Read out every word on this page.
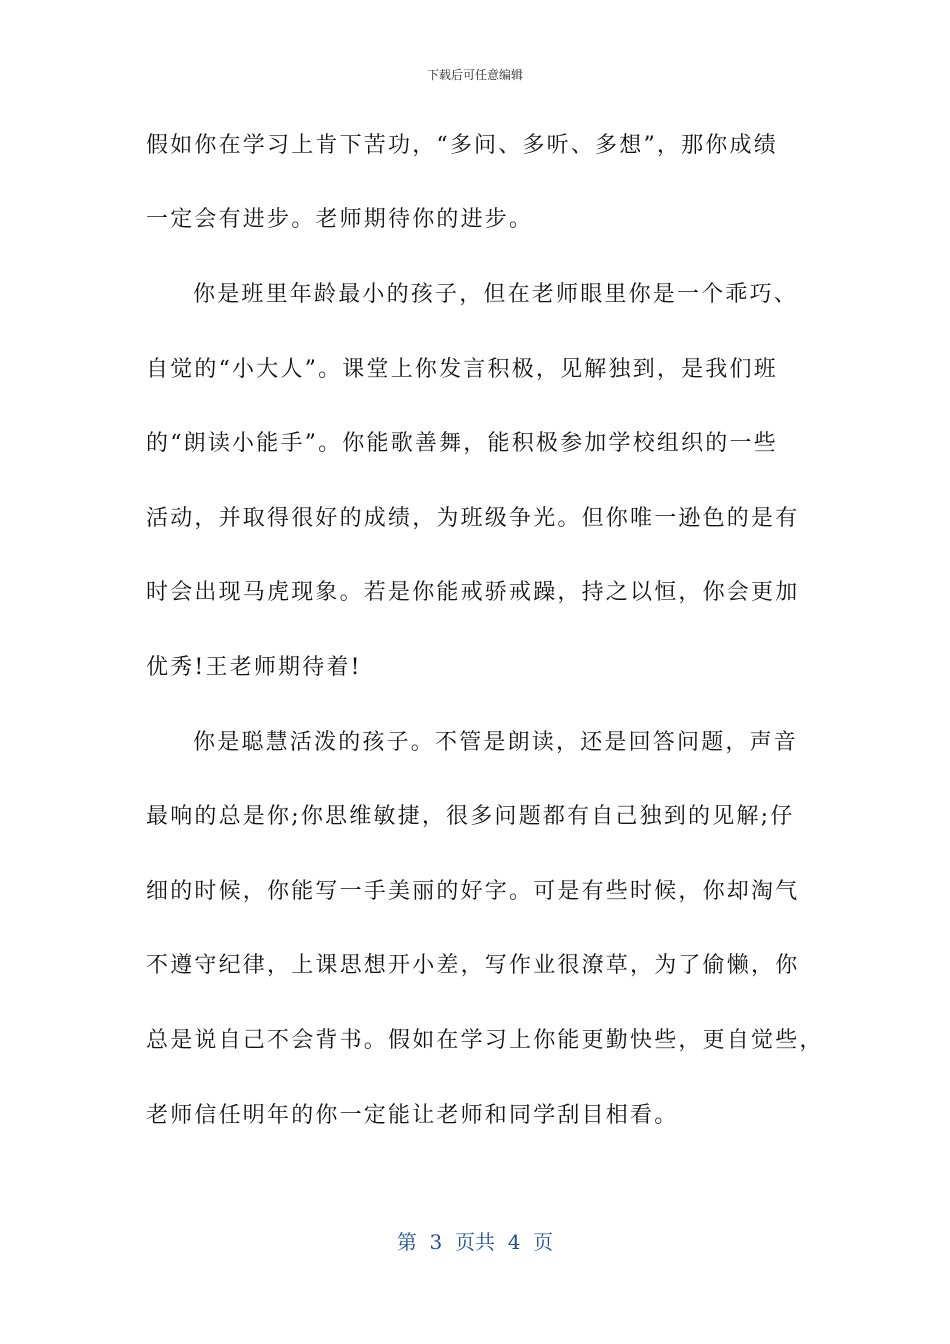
下载后可任意编辑
假如你在学习上肯下苦功，“多问、多听、多想”，那你成绩
一定会有进步。老师期待你的进步。
你是班里年龄最小的孩子，但在老师眼里你是一个乖巧、
自觉的“小大人”。课堂上你发言积极，见解独到，是我们班
的“朗读小能手”。你能歌善舞，能积极参加学校组织的一些
活动，并取得很好的成绩，为班级争光。但你唯一逊色的是有
时会出现马虎现象。若是你能戒骄戒躁，持之以恒，你会更加
优秀!王老师期待着!
你是聪慧活泼的孩子。不管是朗读，还是回答问题，声音
最响的总是你;你思维敏捷，很多问题都有自己独到的见解;仔
细的时候，你能写一手美丽的好字。可是有些时候，你却淘气
不遵守纪律，上课思想开小差，写作业很潦草，为了偷懒，你
总是说自己不会背书。假如在学习上你能更勤快些，更自觉些，
老师信任明年的你一定能让老师和同学刮目相看。
第  3  页共  4  页
